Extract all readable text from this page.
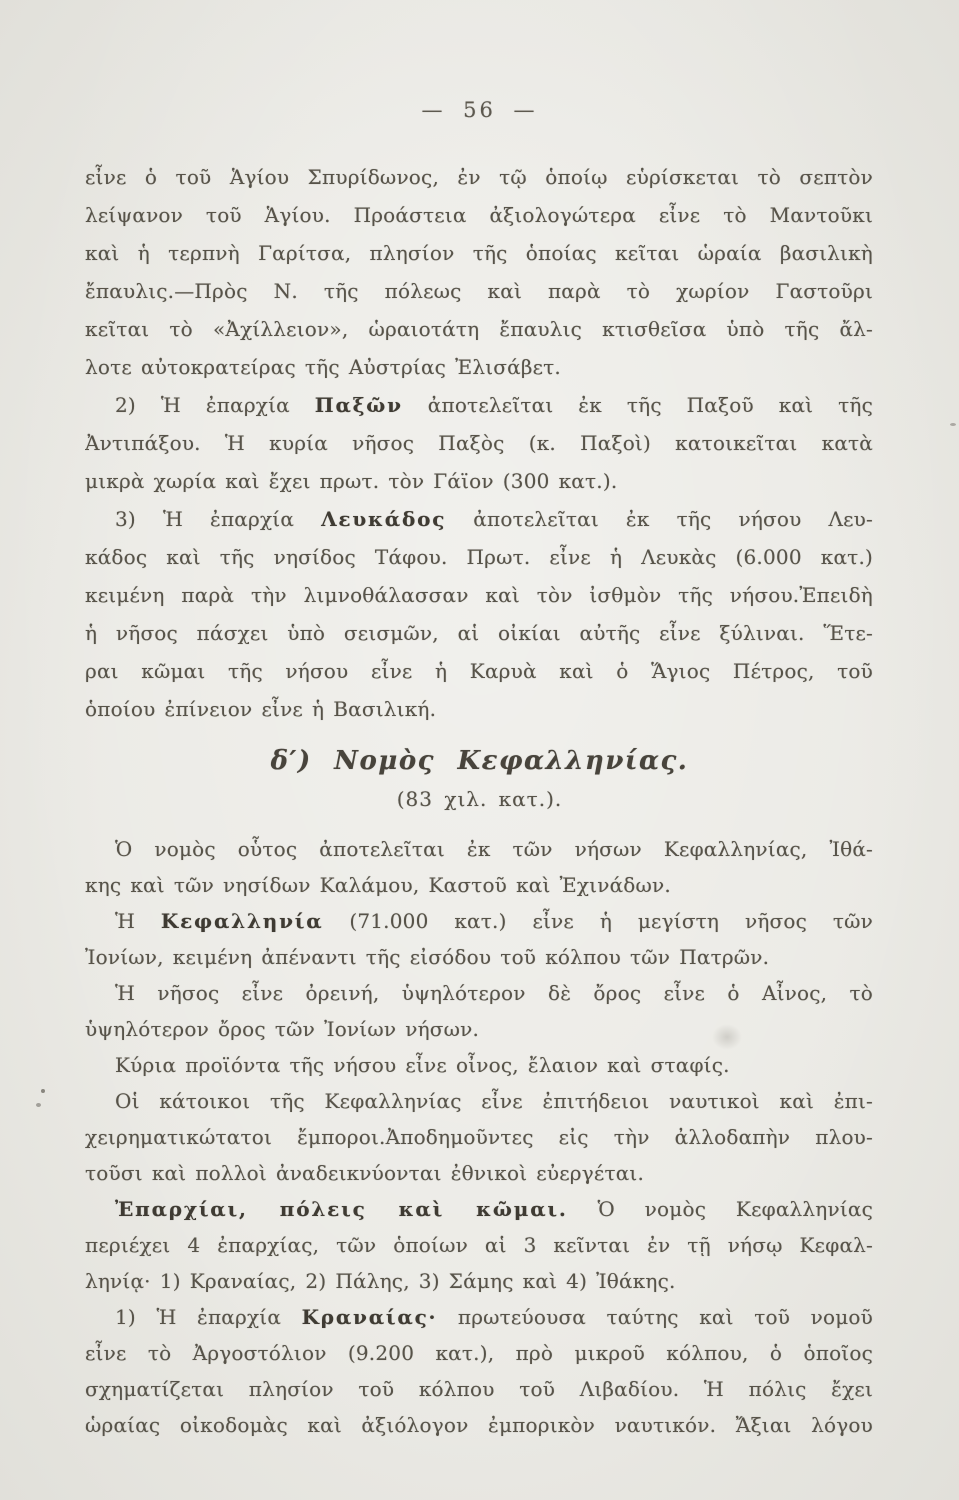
— 56 —
εἶνε ὁ τοῦ Ἁγίου Σπυρίδωνος, ἐν τῷ ὁποίῳ εὑρίσκεται τὸ σεπτὸν
λείψανον τοῦ Ἁγίου. Προάστεια ἀξιολογώτερα εἶνε τὸ Μαντοῦκι
καὶ ἡ τερπνὴ Γαρίτσα, πλησίον τῆς ὁποίας κεῖται ὡραία βασιλικὴ
ἔπαυλις.—Πρὸς Ν. τῆς πόλεως καὶ παρὰ τὸ χωρίον Γαστοῦρι
κεῖται τὸ «Ἀχίλλειον», ὡραιοτάτη ἔπαυλις κτισθεῖσα ὑπὸ τῆς ἄλ-
λοτε αὐτοκρατείρας τῆς Αὐστρίας Ἐλισάβετ.
2) Ἡ ἐπαρχία Παξῶν ἀποτελεῖται ἐκ τῆς Παξοῦ καὶ τῆς
Ἀντιπάξου. Ἡ κυρία νῆσος Παξὸς (κ. Παξοὶ) κατοικεῖται κατὰ
μικρὰ χωρία καὶ ἔχει πρωτ. τὸν Γάϊον (300 κατ.).
3) Ἡ ἐπαρχία Λευκάδος ἀποτελεῖται ἐκ τῆς νήσου Λευ-
κάδος καὶ τῆς νησίδος Τάφου. Πρωτ. εἶνε ἡ Λευκὰς (6.000 κατ.)
κειμένη παρὰ τὴν λιμνοθάλασσαν καὶ τὸν ἰσθμὸν τῆς νήσου.Ἐπειδὴ
ἡ νῆσος πάσχει ὑπὸ σεισμῶν, αἱ οἰκίαι αὐτῆς εἶνε ξύλιναι. Ἕτε-
ραι κῶμαι τῆς νήσου εἶνε ἡ Καρυὰ καὶ ὁ Ἅγιος Πέτρος, τοῦ
ὁποίου ἐπίνειον εἶνε ἡ Βασιλική.
δ′) Νομὸς Κεφαλληνίας.
(83 χιλ. κατ.).
Ὁ νομὸς οὗτος ἀποτελεῖται ἐκ τῶν νήσων Κεφαλληνίας, Ἰθά-
κης καὶ τῶν νησίδων Καλάμου, Καστοῦ καὶ Ἐχινάδων.
Ἡ Κεφαλληνία (71.000 κατ.) εἶνε ἡ μεγίστη νῆσος τῶν
Ἰονίων, κειμένη ἀπέναντι τῆς εἰσόδου τοῦ κόλπου τῶν Πατρῶν.
Ἡ νῆσος εἶνε ὀρεινή, ὑψηλότερον δὲ ὄρος εἶνε ὁ Αἶνος, τὸ
ὑψηλότερον ὄρος τῶν Ἰονίων νήσων.
Κύρια προϊόντα τῆς νήσου εἶνε οἶνος, ἔλαιον καὶ σταφίς.
Οἱ κάτοικοι τῆς Κεφαλληνίας εἶνε ἐπιτήδειοι ναυτικοὶ καὶ ἐπι-
χειρηματικώτατοι ἔμποροι.Ἀποδημοῦντες εἰς τὴν ἀλλοδαπὴν πλου-
τοῦσι καὶ πολλοὶ ἀναδεικνύονται ἐθνικοὶ εὐεργέται.
Ἐπαρχίαι, πόλεις καὶ κῶμαι. Ὁ νομὸς Κεφαλληνίας
περιέχει 4 ἐπαρχίας, τῶν ὁποίων αἱ 3 κεῖνται ἐν τῇ νήσῳ Κεφαλ-
ληνίᾳ· 1) Κραναίας, 2) Πάλης, 3) Σάμης καὶ 4) Ἰθάκης.
1) Ἡ ἐπαρχία Κραναίας· πρωτεύουσα ταύτης καὶ τοῦ νομοῦ
εἶνε τὸ Ἀργοστόλιον (9.200 κατ.), πρὸ μικροῦ κόλπου, ὁ ὁποῖος
σχηματίζεται πλησίον τοῦ κόλπου τοῦ Λιβαδίου. Ἡ πόλις ἔχει
ὡραίας οἰκοδομὰς καὶ ἀξιόλογον ἐμπορικὸν ναυτικόν. Ἄξιαι λόγου
